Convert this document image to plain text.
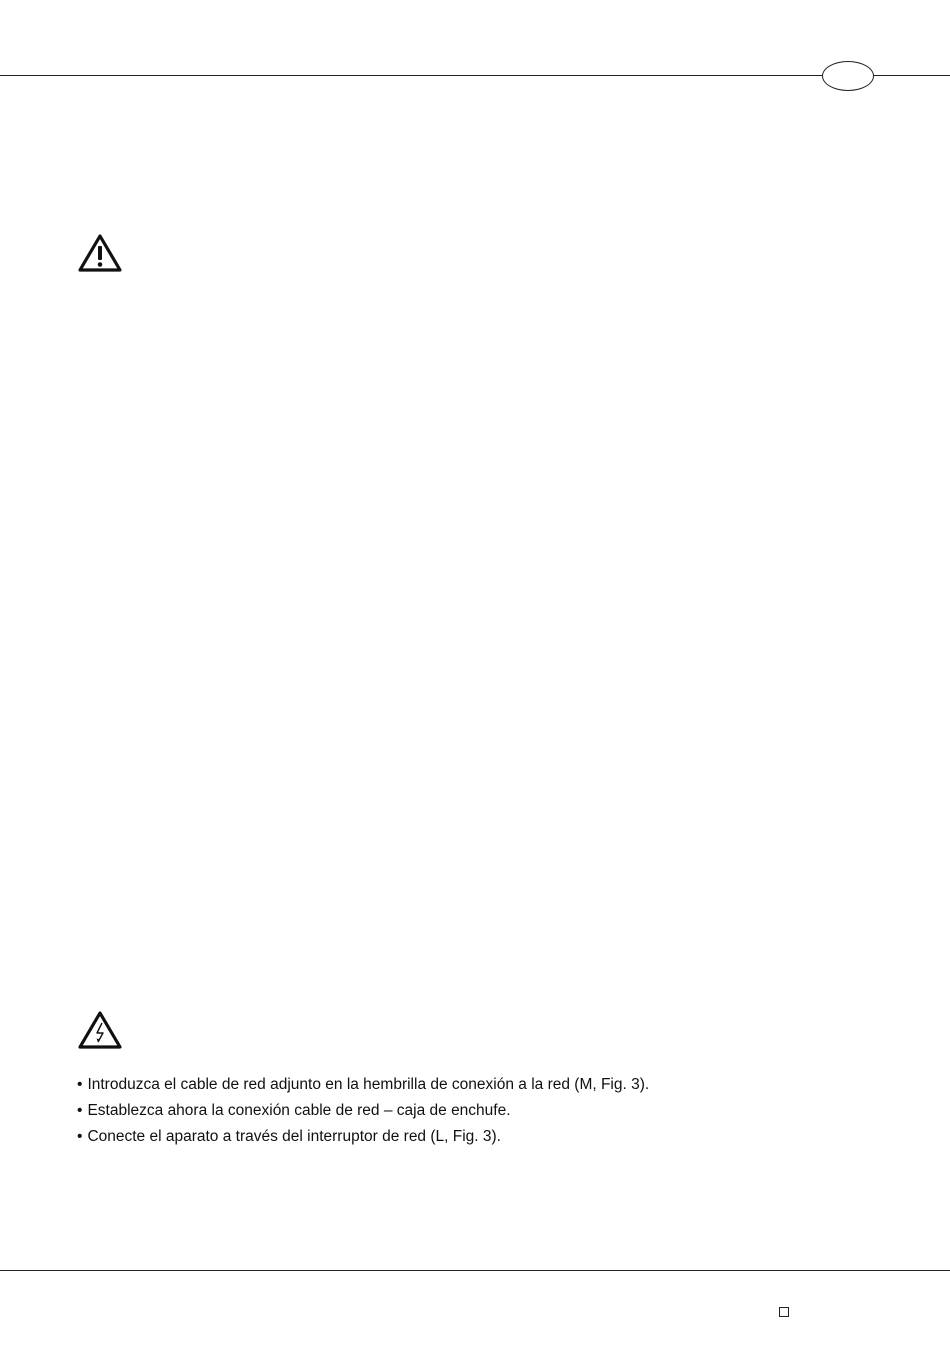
• Introduzca el cable de red adjunto en la hembrilla de conexión a la red (M, Fig. 3).
• Establezca ahora la conexión cable de red – caja de enchufe.
• Conecte el aparato a través del interruptor de red (L, Fig. 3).
